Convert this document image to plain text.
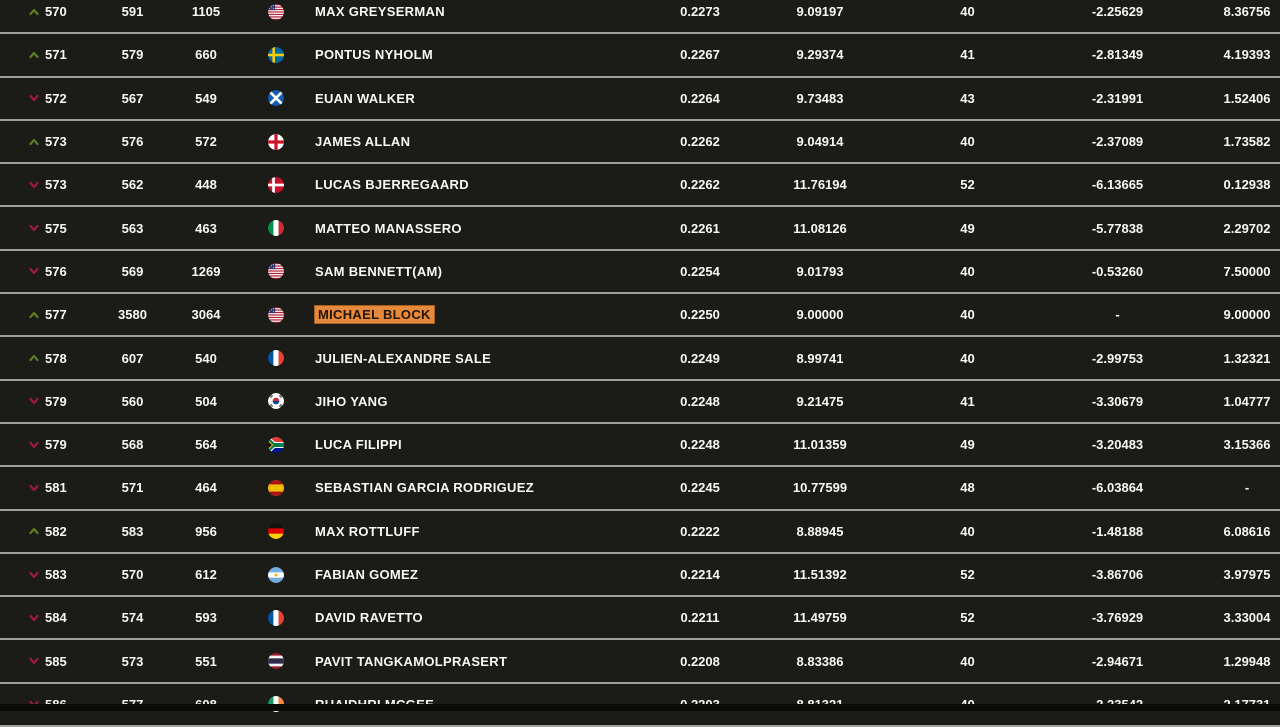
570	591	1105	MAX GREYSERMAN	0.2273	9.09197	40	-2.25629	8.36756
571	579	660	PONTUS NYHOLM	0.2267	9.29374	41	-2.81349	4.19393
572	567	549	EUAN WALKER	0.2264	9.73483	43	-2.31991	1.52406
573	576	572	JAMES ALLAN	0.2262	9.04914	40	-2.37089	1.73582
573	562	448	LUCAS BJERREGAARD	0.2262	11.76194	52	-6.13665	0.12938
575	563	463	MATTEO MANASSERO	0.2261	11.08126	49	-5.77838	2.29702
576	569	1269	SAM BENNETT(AM)	0.2254	9.01793	40	-0.53260	7.50000
577	3580	3064	MICHAEL BLOCK	0.2250	9.00000	40	-	9.00000
578	607	540	JULIEN-ALEXANDRE SALE	0.2249	8.99741	40	-2.99753	1.32321
579	560	504	JIHO YANG	0.2248	9.21475	41	-3.30679	1.04777
579	568	564	LUCA FILIPPI	0.2248	11.01359	49	-3.20483	3.15366
581	571	464	SEBASTIAN GARCIA RODRIGUEZ	0.2245	10.77599	48	-6.03864	-
582	583	956	MAX ROTTLUFF	0.2222	8.88945	40	-1.48188	6.08616
583	570	612	FABIAN GOMEZ	0.2214	11.51392	52	-3.86706	3.97975
584	574	593	DAVID RAVETTO	0.2211	11.49759	52	-3.76929	3.33004
585	573	551	PAVIT TANGKAMOLPRASERT	0.2208	8.83386	40	-2.94671	1.29948
